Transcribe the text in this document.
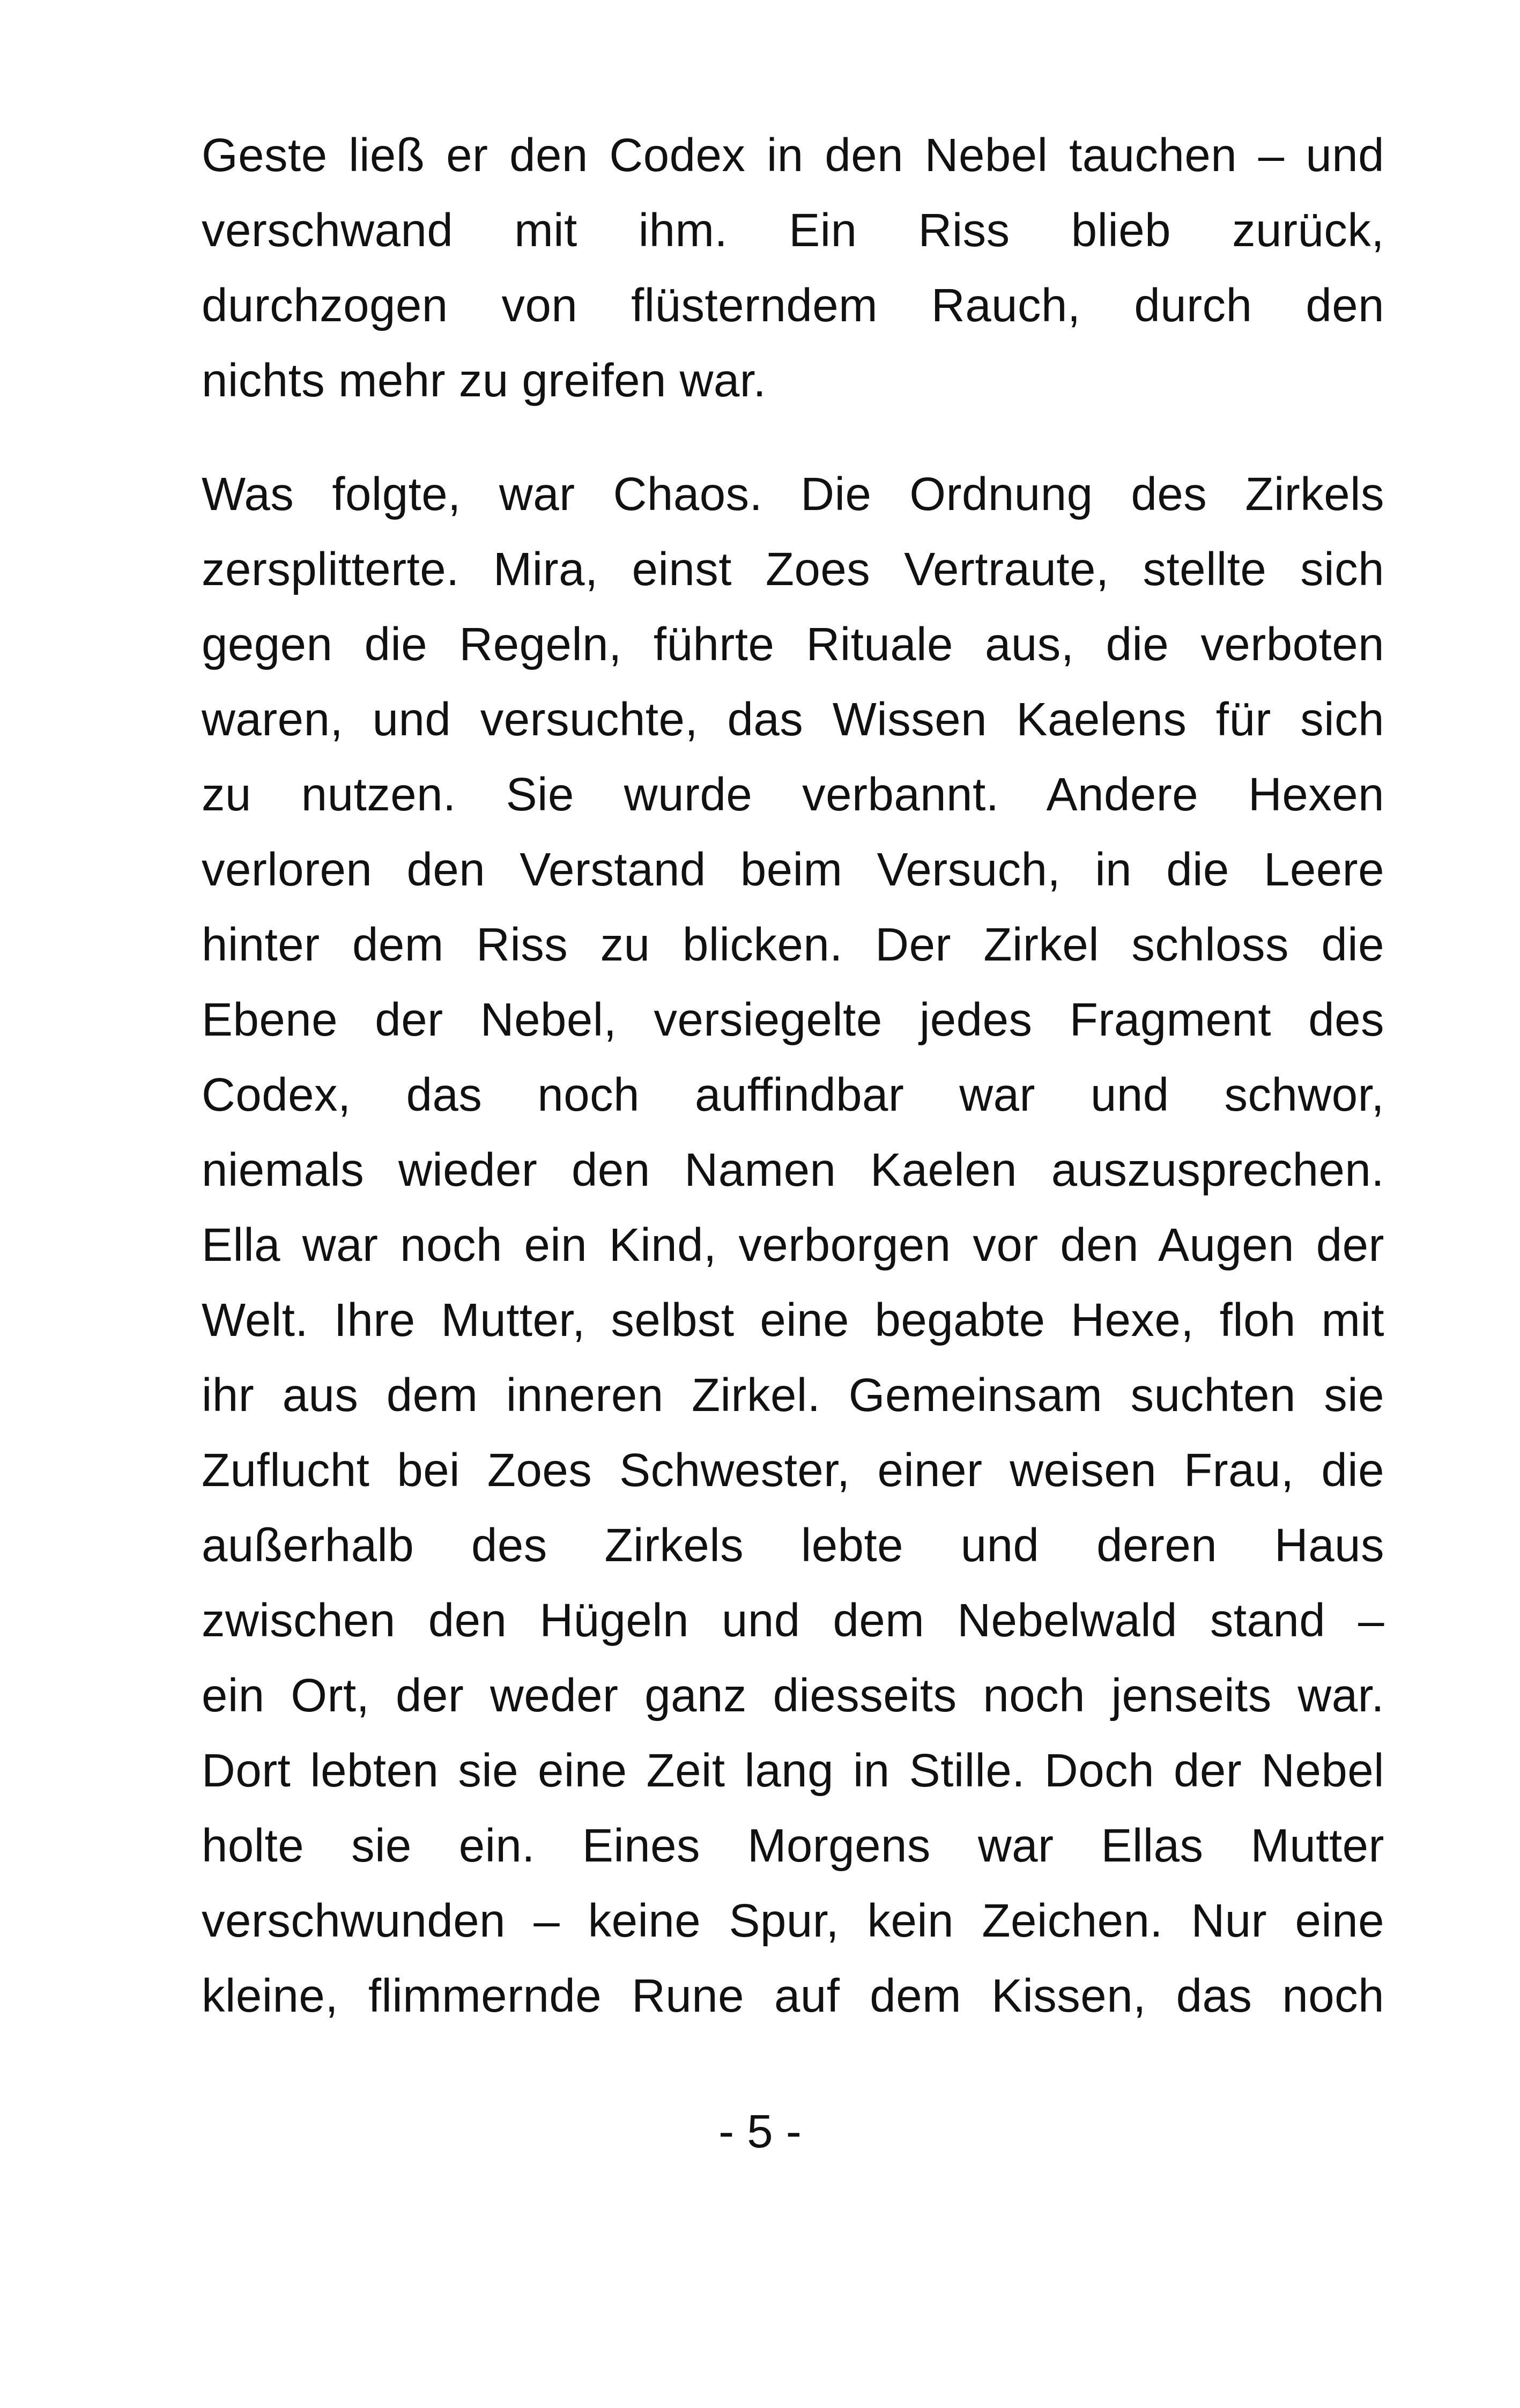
Geste ließ er den Codex in den Nebel tauchen – und
verschwand mit ihm. Ein Riss blieb zurück,
durchzogen von flüsterndem Rauch, durch den
nichts mehr zu greifen war.
Was folgte, war Chaos. Die Ordnung des Zirkels
zersplitterte. Mira, einst Zoes Vertraute, stellte sich
gegen die Regeln, führte Rituale aus, die verboten
waren, und versuchte, das Wissen Kaelens für sich
zu nutzen. Sie wurde verbannt. Andere Hexen
verloren den Verstand beim Versuch, in die Leere
hinter dem Riss zu blicken. Der Zirkel schloss die
Ebene der Nebel, versiegelte jedes Fragment des
Codex, das noch auffindbar war und schwor,
niemals wieder den Namen Kaelen auszusprechen.
Ella war noch ein Kind, verborgen vor den Augen der
Welt. Ihre Mutter, selbst eine begabte Hexe, floh mit
ihr aus dem inneren Zirkel. Gemeinsam suchten sie
Zuflucht bei Zoes Schwester, einer weisen Frau, die
außerhalb des Zirkels lebte und deren Haus
zwischen den Hügeln und dem Nebelwald stand –
ein Ort, der weder ganz diesseits noch jenseits war.
Dort lebten sie eine Zeit lang in Stille. Doch der Nebel
holte sie ein. Eines Morgens war Ellas Mutter
verschwunden – keine Spur, kein Zeichen. Nur eine
kleine, flimmernde Rune auf dem Kissen, das noch
- 5 -
